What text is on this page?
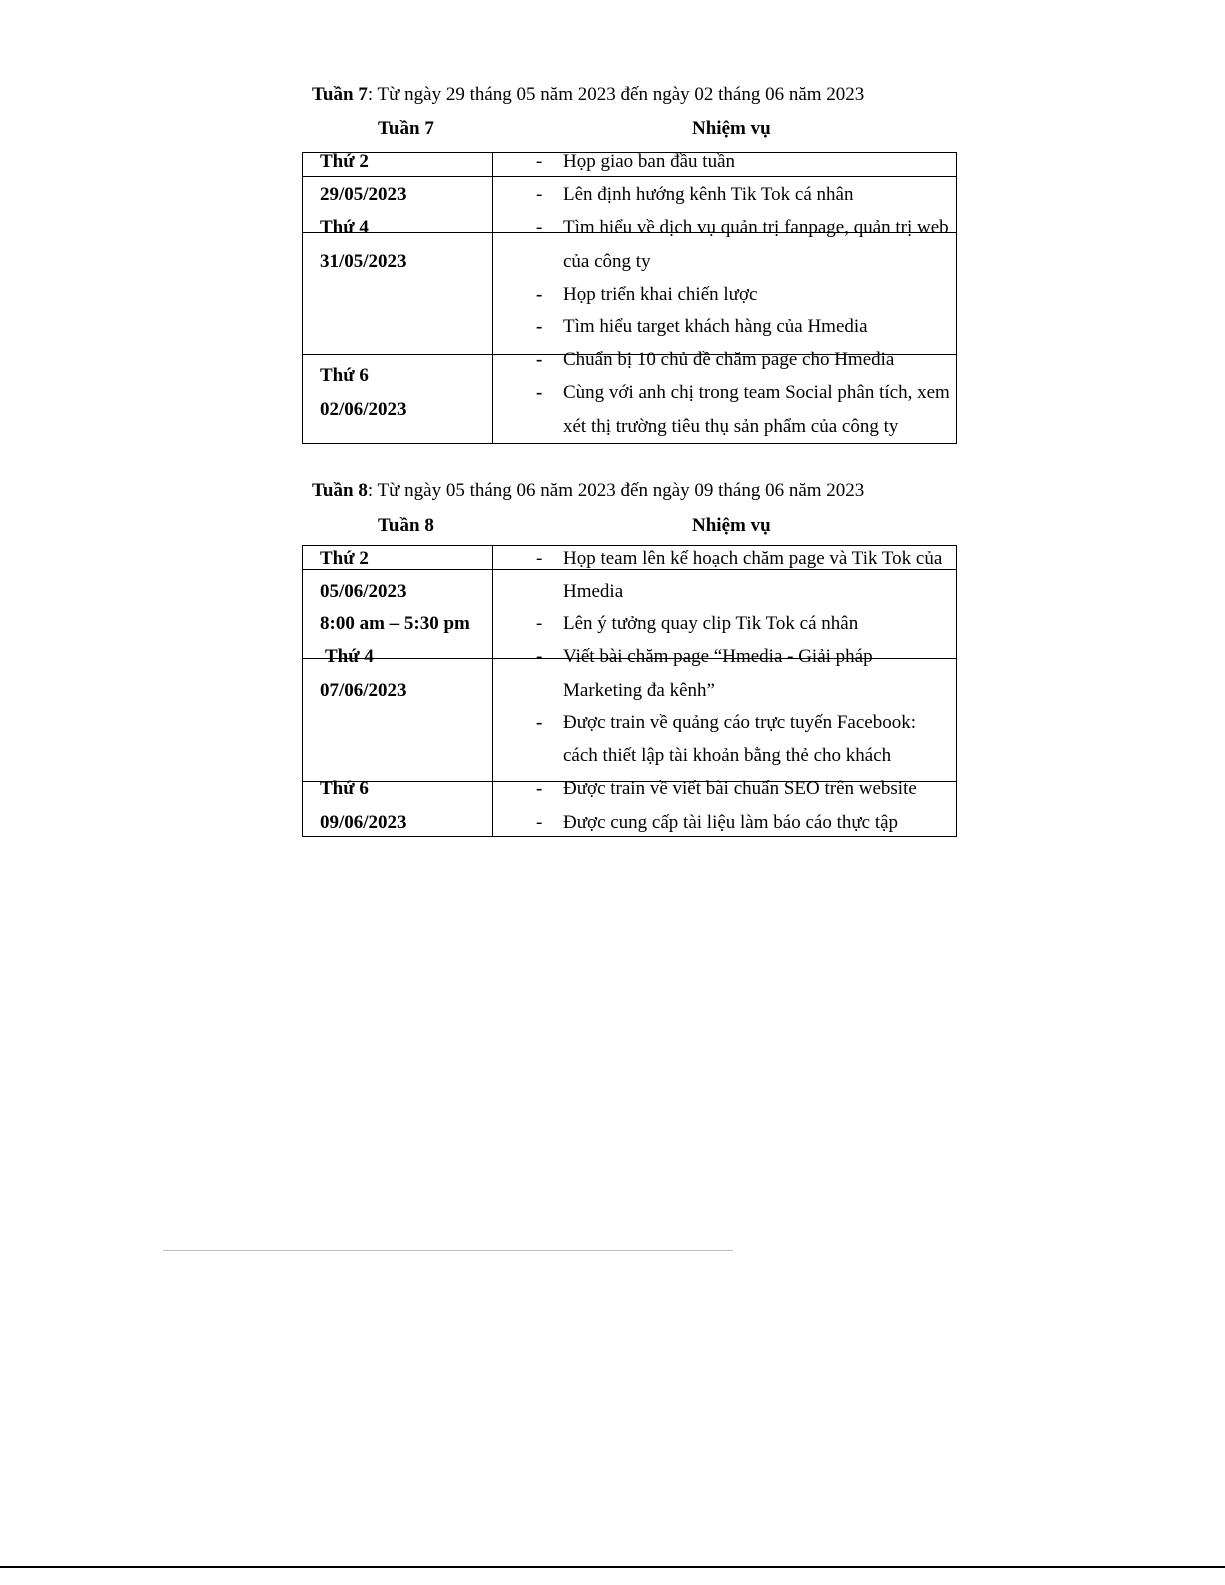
Tuần 7: Từ ngày 29 tháng 05 năm 2023 đến ngày 02 tháng 06 năm 2023
Tuần 7	Nhiệm vụ
Thứ 2
29/05/2023
Thứ 4
31/05/2023
Thứ 6
02/06/2023
- Họp giao ban đầu tuần
- Lên định hướng kênh Tik Tok cá nhân
- Tìm hiểu về dịch vụ quản trị fanpage, quản trị web
của công ty
- Họp triển khai chiến lược
- Tìm hiểu target khách hàng của Hmedia
- Chuẩn bị 10 chủ đề chăm page cho Hmedia
- Cùng với anh chị trong team Social phân tích, xem
xét thị trường tiêu thụ sản phẩm của công ty
Tuần 8: Từ ngày 05 tháng 06 năm 2023 đến ngày 09 tháng 06 năm 2023
Tuần 8	Nhiệm vụ
Thứ 2
05/06/2023
8:00 am – 5:30 pm
Thứ 4
07/06/2023
Thứ 6
09/06/2023
- Họp team lên kế hoạch chăm page và Tik Tok của
Hmedia
- Lên ý tưởng quay clip Tik Tok cá nhân
- Viết bài chăm page “Hmedia - Giải pháp
Marketing đa kênh”
- Được train về quảng cáo trực tuyến Facebook:
cách thiết lập tài khoản bằng thẻ cho khách
- Được train về viết bài chuẩn SEO trên website
- Được cung cấp tài liệu làm báo cáo thực tập
